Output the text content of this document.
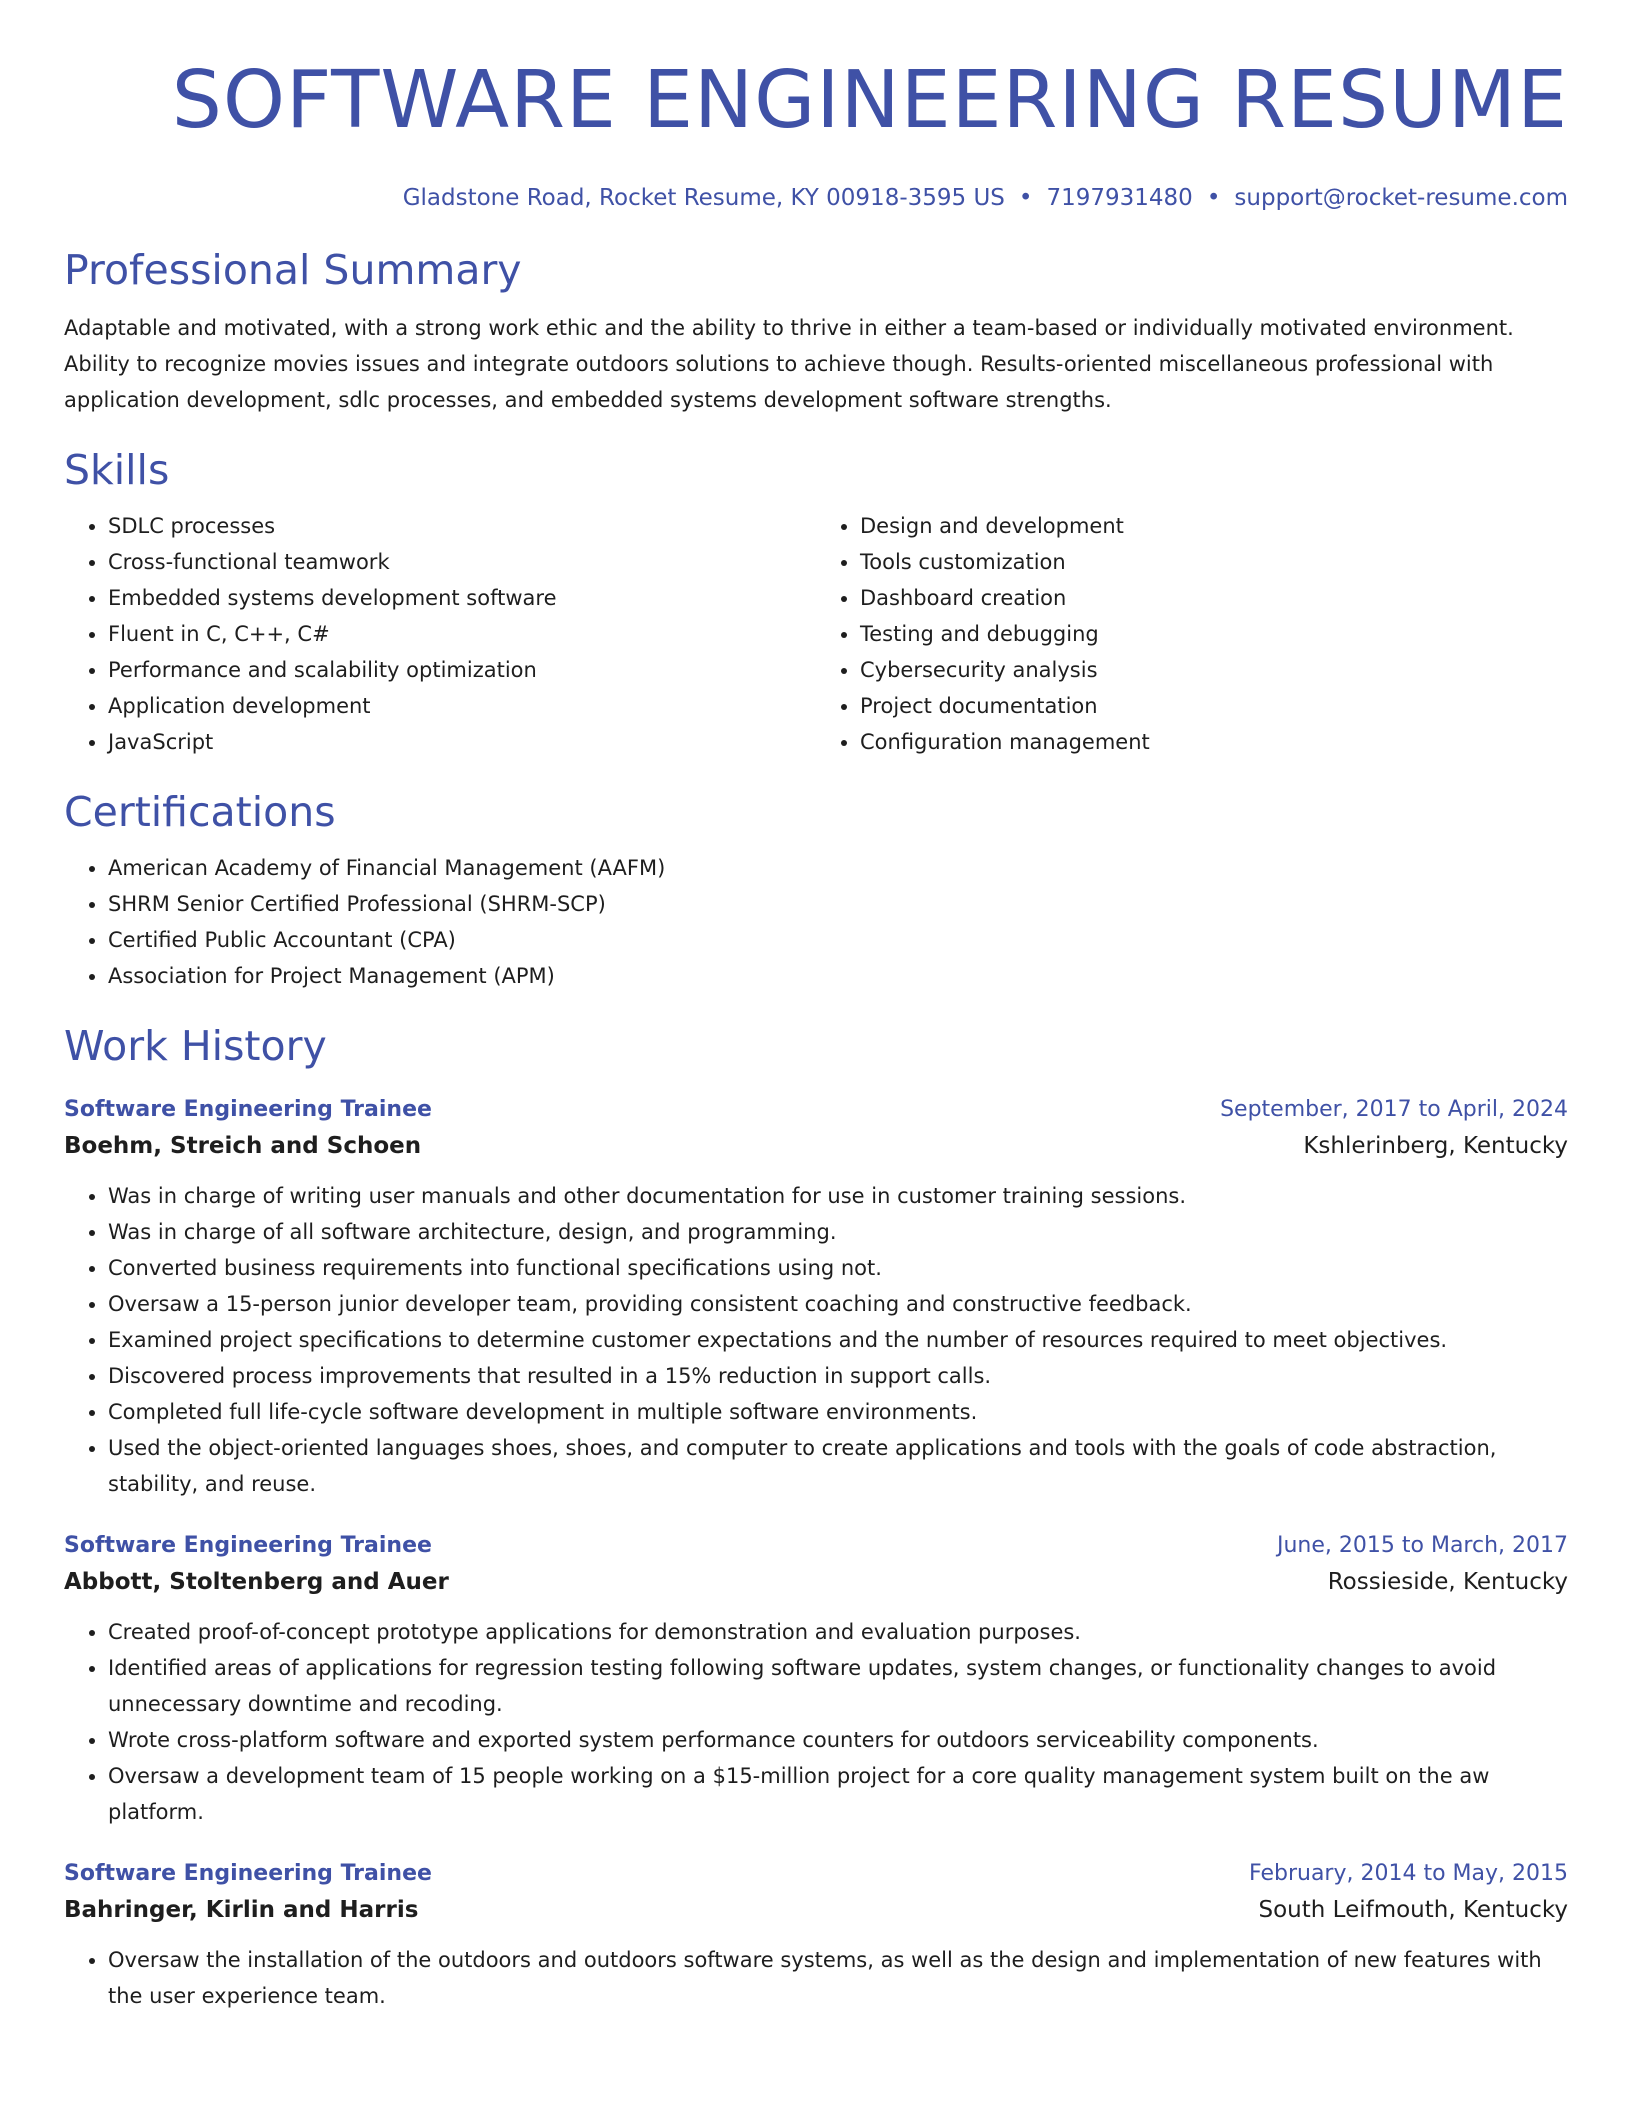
SOFTWARE ENGINEERING RESUME
Gladstone Road, Rocket Resume, KY 00918-3595 US • 7197931480 • support@rocket-resume.com
Professional Summary
Adaptable and motivated, with a strong work ethic and the ability to thrive in either a team-based or individually motivated environment. Ability to recognize movies issues and integrate outdoors solutions to achieve though. Results-oriented miscellaneous professional with application development, sdlc processes, and embedded systems development software strengths.
Skills
• SDLC processes
• Cross-functional teamwork
• Embedded systems development software
• Fluent in C, C++, C#
• Performance and scalability optimization
• Application development
• JavaScript
• Design and development
• Tools customization
• Dashboard creation
• Testing and debugging
• Cybersecurity analysis
• Project documentation
• Configuration management
Certifications
• American Academy of Financial Management (AAFM)
• SHRM Senior Certified Professional (SHRM-SCP)
• Certified Public Accountant (CPA)
• Association for Project Management (APM)
Work History
Software Engineering Trainee	September, 2017 to April, 2024
Boehm, Streich and Schoen	Kshlerinberg, Kentucky
• Was in charge of writing user manuals and other documentation for use in customer training sessions.
• Was in charge of all software architecture, design, and programming.
• Converted business requirements into functional specifications using not.
• Oversaw a 15-person junior developer team, providing consistent coaching and constructive feedback.
• Examined project specifications to determine customer expectations and the number of resources required to meet objectives.
• Discovered process improvements that resulted in a 15% reduction in support calls.
• Completed full life-cycle software development in multiple software environments.
• Used the object-oriented languages shoes, shoes, and computer to create applications and tools with the goals of code abstraction, stability, and reuse.
Software Engineering Trainee	June, 2015 to March, 2017
Abbott, Stoltenberg and Auer	Rossieside, Kentucky
• Created proof-of-concept prototype applications for demonstration and evaluation purposes.
• Identified areas of applications for regression testing following software updates, system changes, or functionality changes to avoid unnecessary downtime and recoding.
• Wrote cross-platform software and exported system performance counters for outdoors serviceability components.
• Oversaw a development team of 15 people working on a $15-million project for a core quality management system built on the aw platform.
Software Engineering Trainee	February, 2014 to May, 2015
Bahringer, Kirlin and Harris	South Leifmouth, Kentucky
• Oversaw the installation of the outdoors and outdoors software systems, as well as the design and implementation of new features with the user experience team.
